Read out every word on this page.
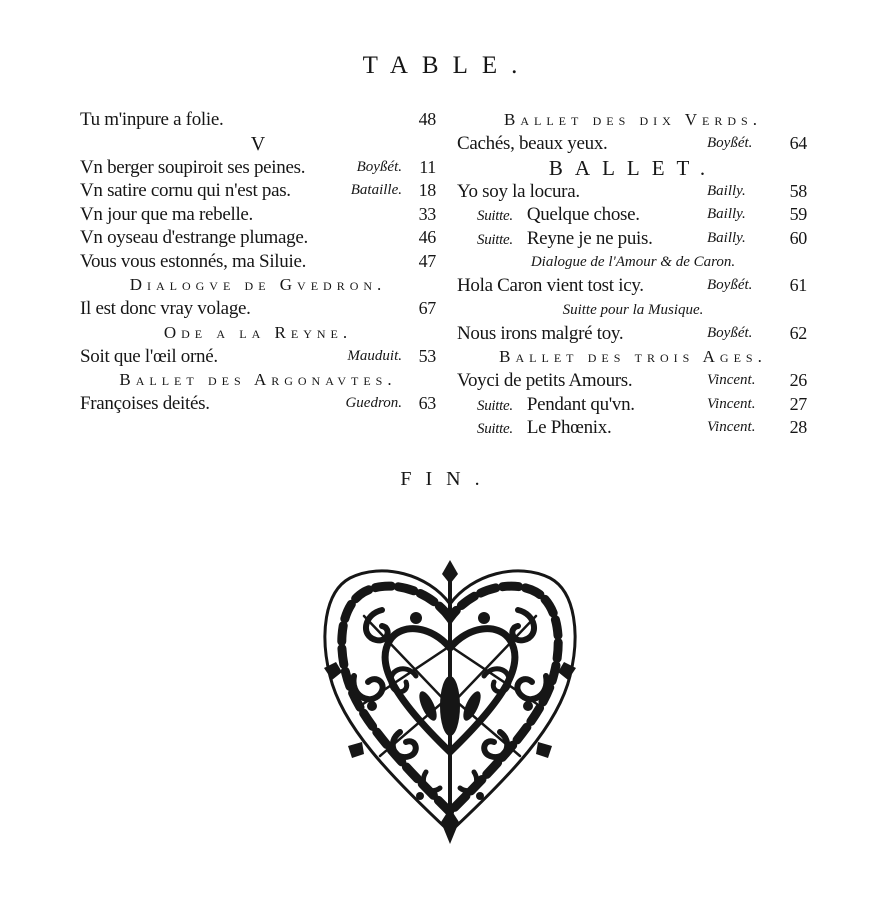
TABLE.
Tu m'inpure a folie.	48
V
Vn berger soupiroit ses peines.	Boyßét. 11
Vn satire cornu qui n'est pas.	Bataille. 18
Vn jour que ma rebelle.	33
Vn oyseau d'estrange plumage.	46
Vous vous estonnés, ma Siluie.	47
Dialogve de Gvedron.
Il est donc vray volage.	67
Ode a la Reyne.
Soit que l'œil orné.	Mauduit. 53
Ballet des Argonavtes.
Françoises deités.	Guedron. 63
Ballet des dix Verds.
Cachés, beaux yeux.	Boyßét. 64
BALLET.
Yo soy la locura.	Bailly. 58
Suitte. Quelque chose.	Bailly. 59
Suitte. Reyne je ne puis.	Bailly. 60
Dialogue de l'Amour & de Caron.
Hola Caron vient tost icy.	Boyßét. 61
Suitte pour la Musique.
Nous irons malgré toy.	Boyßét. 62
Ballet des trois Ages.
Voyci de petits Amours.	Vincent. 26
Suitte. Pendant qu'vn.	Vincent. 27
Suitte. Le Phœnix.	Vincent. 28
FIN.
